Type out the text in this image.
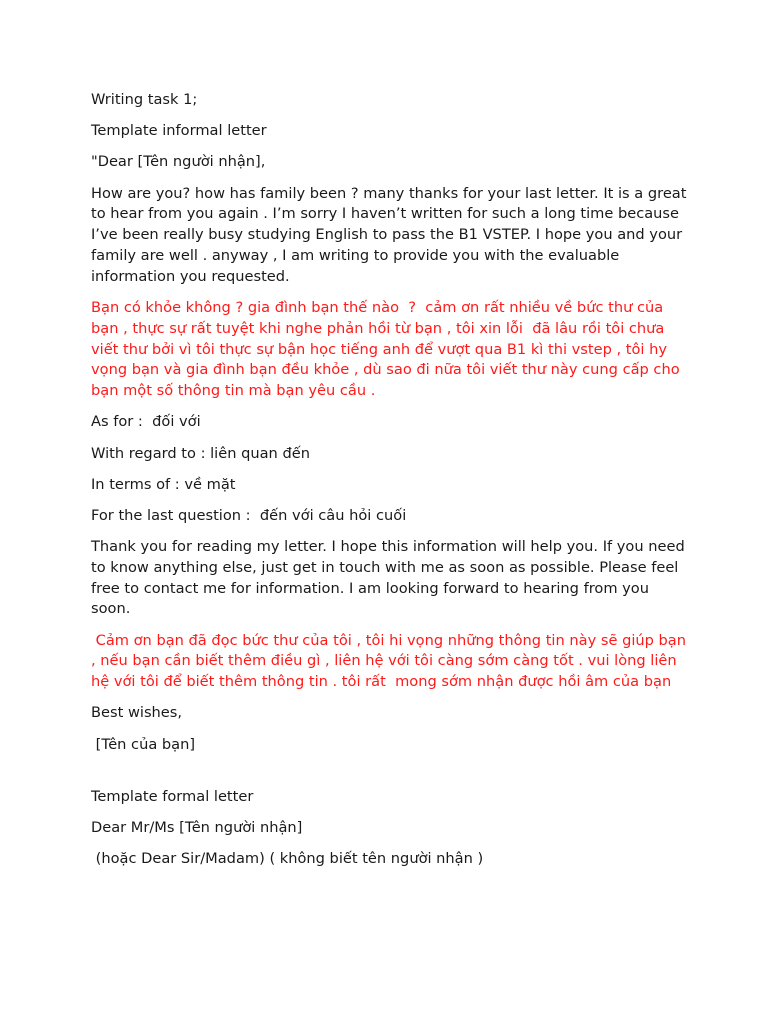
Writing task 1;

Template informal letter

"Dear [Tên người nhận],

How are you? how has family been ? many thanks for your last letter. It is a great to hear from you again . I’m sorry I haven’t written for such a long time because I’ve been really busy studying English to pass the B1 VSTEP. I hope you and your family are well . anyway , I am writing to provide you with the evaluable information you requested.

Bạn có khỏe không ? gia đình bạn thế nào  ?  cảm ơn rất nhiều về bức thư của bạn , thực sự rất tuyệt khi nghe phản hồi từ bạn , tôi xin lỗi  đã lâu rồi tôi chưa viết thư bởi vì tôi thực sự bận học tiếng anh để vượt qua B1 kì thi vstep , tôi hy vọng bạn và gia đình bạn đều khỏe , dù sao đi nữa tôi viết thư này cung cấp cho bạn một số thông tin mà bạn yêu cầu .

As for :  đối với

With regard to : liên quan đến

In terms of : về mặt

For the last question :  đến với câu hỏi cuối

Thank you for reading my letter. I hope this information will help you. If you need to know anything else, just get in touch with me as soon as possible. Please feel free to contact me for information. I am looking forward to hearing from you soon.

Cảm ơn bạn đã đọc bức thư của tôi , tôi hi vọng những thông tin này sẽ giúp bạn , nếu bạn cần biết thêm điều gì , liên hệ với tôi càng sớm càng tốt . vui lòng liên hệ với tôi để biết thêm thông tin . tôi rất  mong sớm nhận được hồi âm của bạn

Best wishes,

[Tên của bạn]

Template formal letter

Dear Mr/Ms [Tên người nhận]

(hoặc Dear Sir/Madam) ( không biết tên người nhận )
